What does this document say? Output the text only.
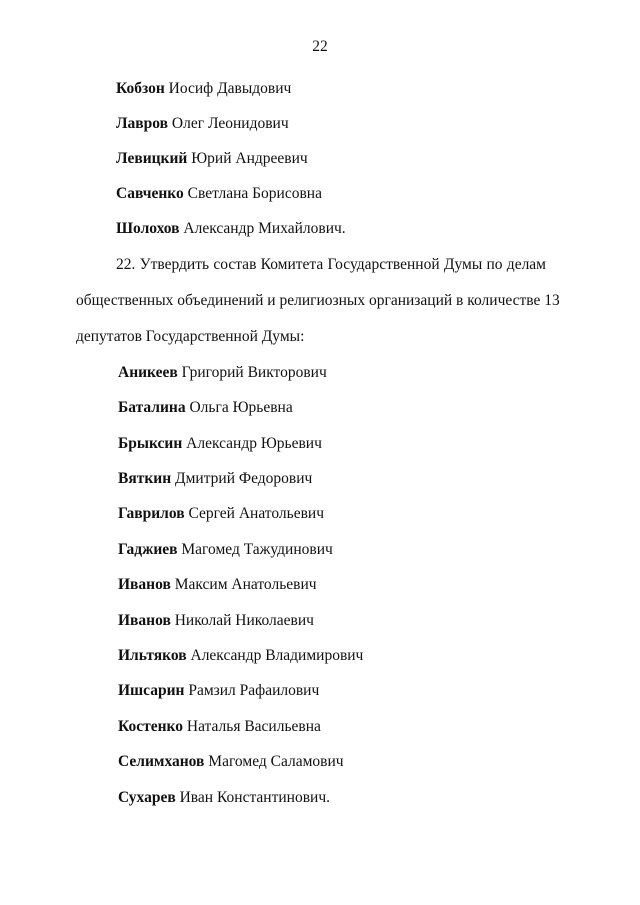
22
Кобзон Иосиф Давыдович
Лавров Олег Леонидович
Левицкий Юрий Андреевич
Савченко Светлана Борисовна
Шолохов Александр Михайлович.
22. Утвердить состав Комитета Государственной Думы по делам
общественных объединений и религиозных организаций в количестве 13
депутатов Государственной Думы:
Аникеев Григорий Викторович
Баталина Ольга Юрьевна
Брыксин Александр Юрьевич
Вяткин Дмитрий Федорович
Гаврилов Сергей Анатольевич
Гаджиев Магомед Тажудинович
Иванов Максим Анатольевич
Иванов Николай Николаевич
Ильтяков Александр Владимирович
Ишсарин Рамзил Рафаилович
Костенко Наталья Васильевна
Селимханов Магомед Саламович
Сухарев Иван Константинович.
